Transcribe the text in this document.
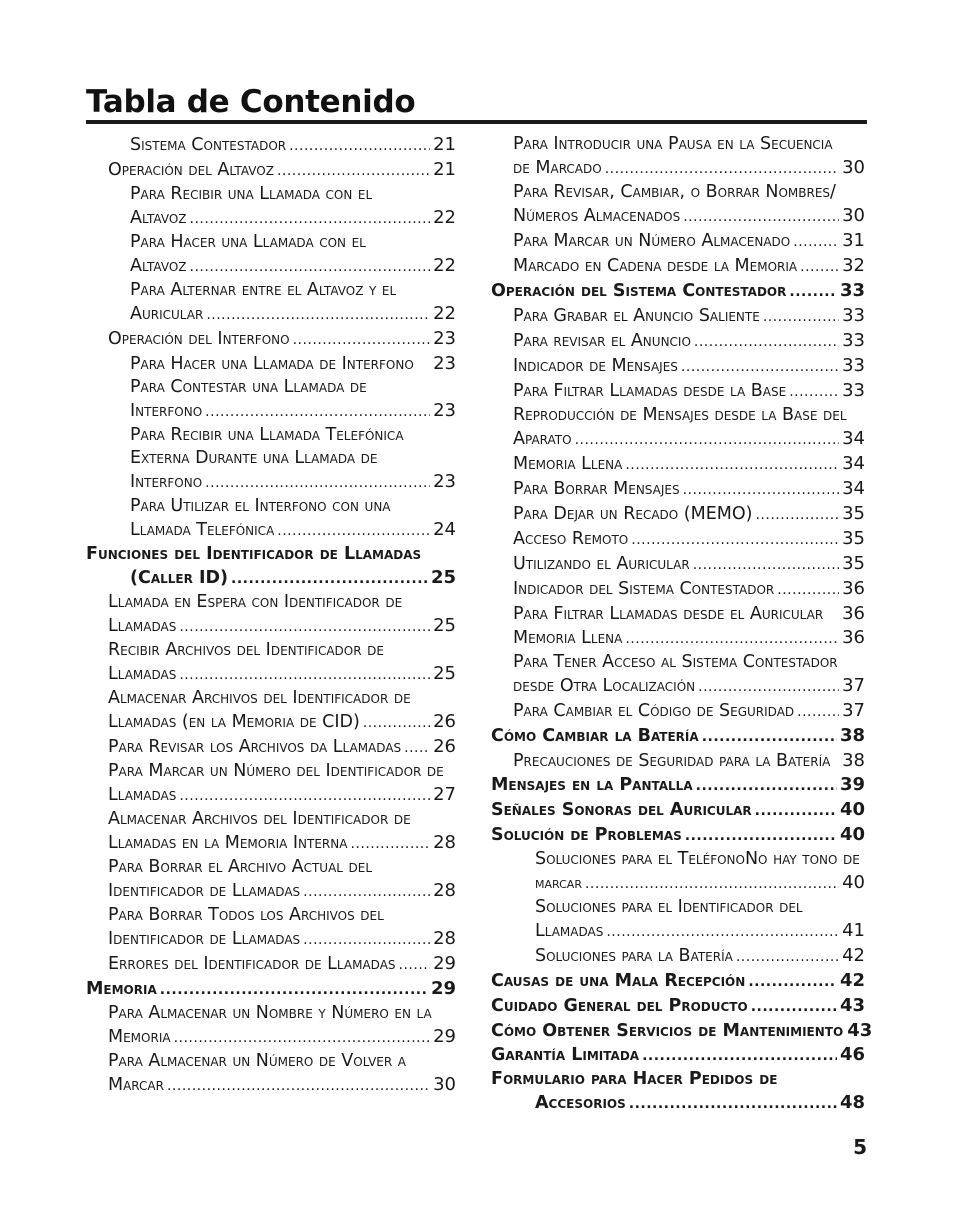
Tabla de Contenido
Sistema Contestador .....	21
Operación del Altavoz .....	21
Para Recibir una Llamada con el
Altavoz .....	22
Para Hacer una Llamada con el
Altavoz .....	22
Para Alternar entre el Altavoz y el
Auricular .....	22
Operación del Interfono .....	23
Para Hacer una Llamada de Interfono 23
Para Contestar una Llamada de
Interfono .....	23
Para Recibir una Llamada Telefónica
Externa Durante una Llamada de
Interfono .....	23
Para Utilizar el Interfono con una
Llamada Telefónica .....	24
Funciones del Identificador de Llamadas
(Caller ID) .....	25
Llamada en Espera con Identificador de
Llamadas .....	25
Recibir Archivos del Identificador de
Llamadas .....	25
Almacenar Archivos del Identificador de
Llamadas (en la Memoria de CID) .....	26
Para Revisar los Archivos da Llamadas ..... 26
Para Marcar un Número del Identificador de
Llamadas .....	27
Almacenar Archivos del Identificador de
Llamadas en la Memoria Interna .....	28
Para Borrar el Archivo Actual del
Identificador de Llamadas .....	28
Para Borrar Todos los Archivos del
Identificador de Llamadas .....	28
Errores del Identificador de Llamadas ..... 29
Memoria .....	29
Para Almacenar un Nombre y Número en la
Memoria .....	29
Para Almacenar un Número de Volver a
Marcar .....	30
Para Introducir una Pausa en la Secuencia
de Marcado .....	30
Para Revisar, Cambiar, o Borrar Nombres/
Números Almacenados .....	30
Para Marcar un Número Almacenado .....	31
Marcado en Cadena desde la Memoria ..... 32
Operación del Sistema Contestador .....	33
Para Grabar el Anuncio Saliente .....	33
Para revisar el Anuncio .....	33
Indicador de Mensajes .....	33
Para Filtrar Llamadas desde la Base .....	33
Reproducción de Mensajes desde la Base del
Aparato .....	34
Memoria Llena .....	34
Para Borrar Mensajes .....	34
Para Dejar un Recado (MEMO) .....	35
Acceso Remoto .....	35
Utilizando el Auricular .....	35
Indicador del Sistema Contestador .....	36
Para Filtrar Llamadas desde el Auricular 36
Memoria Llena .....	36
Para Tener Acceso al Sistema Contestador
desde Otra Localización .....	37
Para Cambiar el Código de Seguridad .....	37
Cómo Cambiar la Batería .....	38
Precauciones de Seguridad para la Batería 38
Mensajes en la Pantalla .....	39
Señales Sonoras del Auricular .....	40
Solución de Problemas .....	40
Soluciones para el TeléfonoNo hay tono de
marcar .....	40
Soluciones para el Identificador del
Llamadas .....	41
Soluciones para la Batería .....	42
Causas de una Mala Recepción .....	42
Cuidado General del Producto .....	43
Cómo Obtener Servicios de Mantenimiento 43
Garantía Limitada .....	46
Formulario para Hacer Pedidos de
Accesorios .....	48
5
